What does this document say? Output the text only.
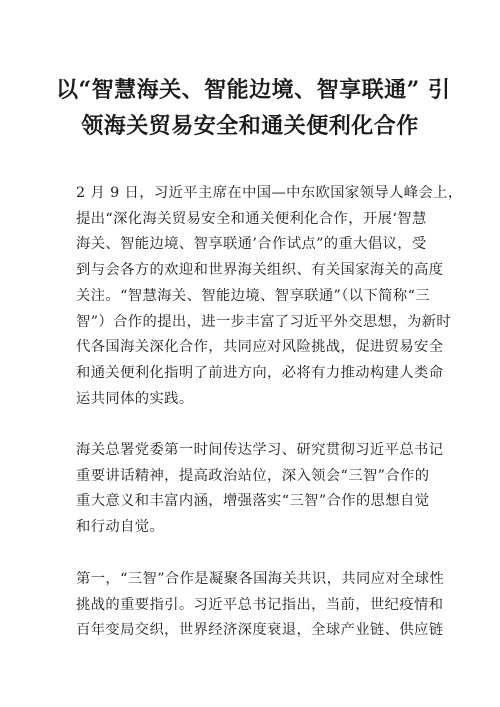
以“智慧海关、智能边境、智享联通” 引
领海关贸易安全和通关便利化合作
2 月 9 日，习近平主席在中国—中东欧国家领导人峰会上，
提出“深化海关贸易安全和通关便利化合作，开展‘智慧
海关、智能边境、智享联通’合作试点”的重大倡议，受
到与会各方的欢迎和世界海关组织、有关国家海关的高度
关注。“智慧海关、智能边境、智享联通”（以下简称“三
智”）合作的提出，进一步丰富了习近平外交思想，为新时
代各国海关深化合作，共同应对风险挑战，促进贸易安全
和通关便利化指明了前进方向，必将有力推动构建人类命
运共同体的实践。
海关总署党委第一时间传达学习、研究贯彻习近平总书记
重要讲话精神，提高政治站位，深入领会“三智”合作的
重大意义和丰富内涵，增强落实“三智”合作的思想自觉
和行动自觉。
第一，“三智”合作是凝聚各国海关共识，共同应对全球性
挑战的重要指引。习近平总书记指出，当前，世纪疫情和
百年变局交织，世界经济深度衰退，全球产业链、供应链
